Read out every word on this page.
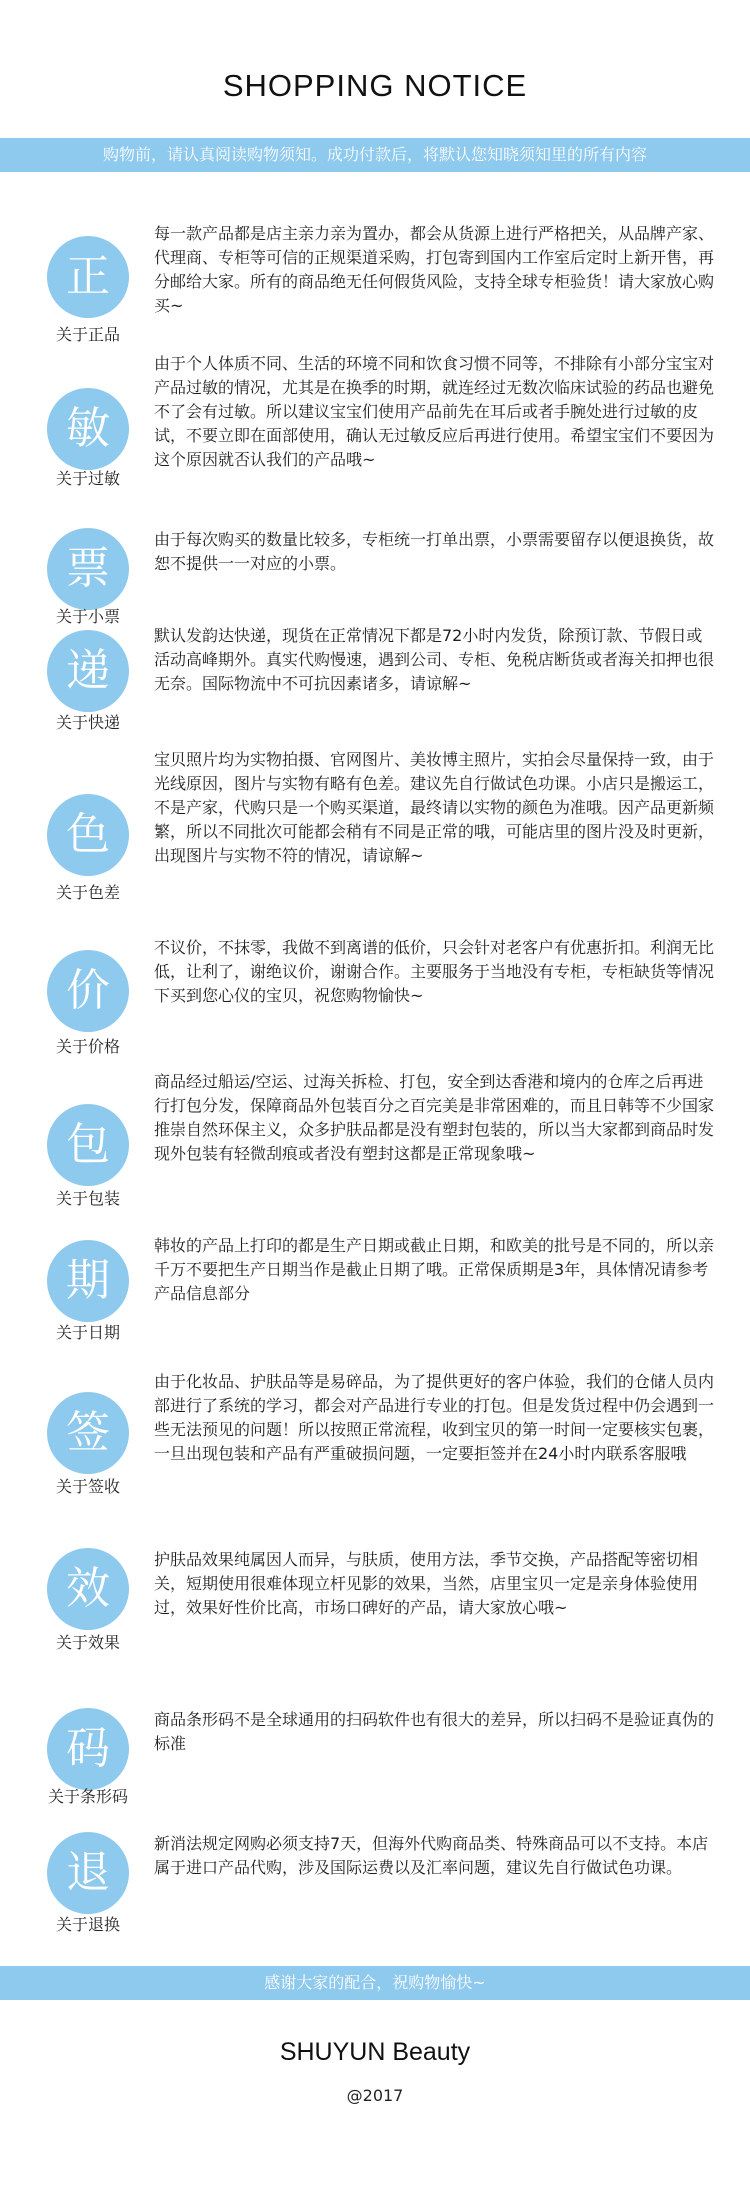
SHOPPING NOTICE
购物前，请认真阅读购物须知。成功付款后，将默认您知晓须知里的所有内容
正
关于正品

每一款产品都是店主亲力亲为置办，都会从货源上进行严格把关，从品牌产家、代理商、专柜等可信的正规渠道采购，打包寄到国内工作室后定时上新开售，再分邮给大家。所有的商品绝无任何假货风险，支持全球专柜验货！请大家放心购买~

敏
关于过敏

由于个人体质不同、生活的环境不同和饮食习惯不同等，不排除有小部分宝宝对产品过敏的情况，尤其是在换季的时期，就连经过无数次临床试验的药品也避免不了会有过敏。所以建议宝宝们使用产品前先在耳后或者手腕处进行过敏的皮试，不要立即在面部使用，确认无过敏反应后再进行使用。希望宝宝们不要因为这个原因就否认我们的产品哦~

票
关于小票

由于每次购买的数量比较多，专柜统一打单出票，小票需要留存以便退换货，故恕不提供一一对应的小票。

递
关于快递

默认发韵达快递，现货在正常情况下都是72小时内发货，除预订款、节假日或活动高峰期外。真实代购慢速，遇到公司、专柜、免税店断货或者海关扣押也很无奈。国际物流中不可抗因素诸多，请谅解~

色
关于色差

宝贝照片均为实物拍摄、官网图片、美妆博主照片，实拍会尽量保持一致，由于光线原因，图片与实物有略有色差。建议先自行做试色功课。小店只是搬运工，不是产家，代购只是一个购买渠道，最终请以实物的颜色为准哦。因产品更新频繁，所以不同批次可能都会稍有不同是正常的哦，可能店里的图片没及时更新，出现图片与实物不符的情况，请谅解~

价
关于价格

不议价，不抹零，我做不到离谱的低价，只会针对老客户有优惠折扣。利润无比低，让利了，谢绝议价，谢谢合作。主要服务于当地没有专柜，专柜缺货等情况下买到您心仪的宝贝，祝您购物愉快~

包
关于包装

商品经过船运/空运、过海关拆检、打包，安全到达香港和境内的仓库之后再进行打包分发，保障商品外包装百分之百完美是非常困难的，而且日韩等不少国家推崇自然环保主义，众多护肤品都是没有塑封包装的，所以当大家都到商品时发现外包装有轻微刮痕或者没有塑封这都是正常现象哦~

期
关于日期

韩妆的产品上打印的都是生产日期或截止日期，和欧美的批号是不同的，所以亲千万不要把生产日期当作是截止日期了哦。正常保质期是3年，具体情况请参考产品信息部分

签
关于签收

由于化妆品、护肤品等是易碎品，为了提供更好的客户体验，我们的仓储人员内部进行了系统的学习，都会对产品进行专业的打包。但是发货过程中仍会遇到一些无法预见的问题！所以按照正常流程，收到宝贝的第一时间一定要核实包裹，一旦出现包装和产品有严重破损问题，一定要拒签并在24小时内联系客服哦

效
关于效果

护肤品效果纯属因人而异，与肤质，使用方法，季节交换，产品搭配等密切相关，短期使用很难体现立杆见影的效果，当然，店里宝贝一定是亲身体验使用过，效果好性价比高，市场口碑好的产品，请大家放心哦~

码
关于条形码

商品条形码不是全球通用的扫码软件也有很大的差异，所以扫码不是验证真伪的标准

退
关于退换

新消法规定网购必须支持7天，但海外代购商品类、特殊商品可以不支持。本店属于进口产品代购，涉及国际运费以及汇率问题，建议先自行做试色功课。

感谢大家的配合，祝购物愉快~
SHUYUN Beauty
@2017
